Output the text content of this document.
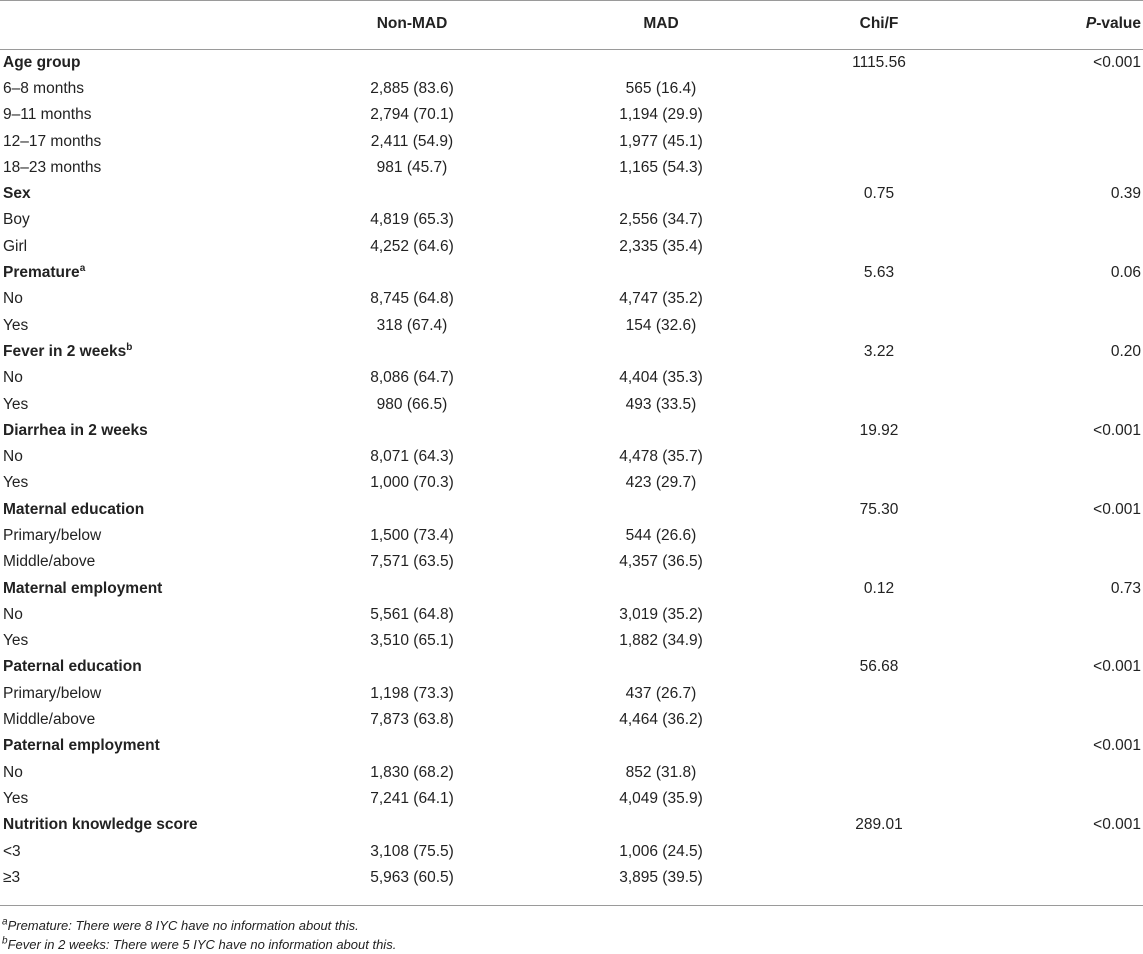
	Non-MAD	MAD	Chi/F	P-value
Age group			1115.56	<0.001
6–8 months	2,885 (83.6)	565 (16.4)		
9–11 months	2,794 (70.1)	1,194 (29.9)		
12–17 months	2,411 (54.9)	1,977 (45.1)		
18–23 months	981 (45.7)	1,165 (54.3)		
Sex			0.75	0.39
Boy	4,819 (65.3)	2,556 (34.7)		
Girl	4,252 (64.6)	2,335 (35.4)		
Premature$^a$			5.63	0.06
No	8,745 (64.8)	4,747 (35.2)		
Yes	318 (67.4)	154 (32.6)		
Fever in 2 weeks$^b$			3.22	0.20
No	8,086 (64.7)	4,404 (35.3)		
Yes	980 (66.5)	493 (33.5)		
Diarrhea in 2 weeks			19.92	<0.001
No	8,071 (64.3)	4,478 (35.7)		
Yes	1,000 (70.3)	423 (29.7)		
Maternal education			75.30	<0.001
Primary/below	1,500 (73.4)	544 (26.6)		
Middle/above	7,571 (63.5)	4,357 (36.5)		
Maternal employment			0.12	0.73
No	5,561 (64.8)	3,019 (35.2)		
Yes	3,510 (65.1)	1,882 (34.9)		
Paternal education			56.68	<0.001
Primary/below	1,198 (73.3)	437 (26.7)		
Middle/above	7,873 (63.8)	4,464 (36.2)		
Paternal employment				<0.001
No	1,830 (68.2)	852 (31.8)		
Yes	7,241 (64.1)	4,049 (35.9)		
Nutrition knowledge score			289.01	<0.001
<3	3,108 (75.5)	1,006 (24.5)		
≥3	5,963 (60.5)	3,895 (39.5)		
$^a$Premature: There were 8 IYC have no information about this.
$^b$Fever in 2 weeks: There were 5 IYC have no information about this.
